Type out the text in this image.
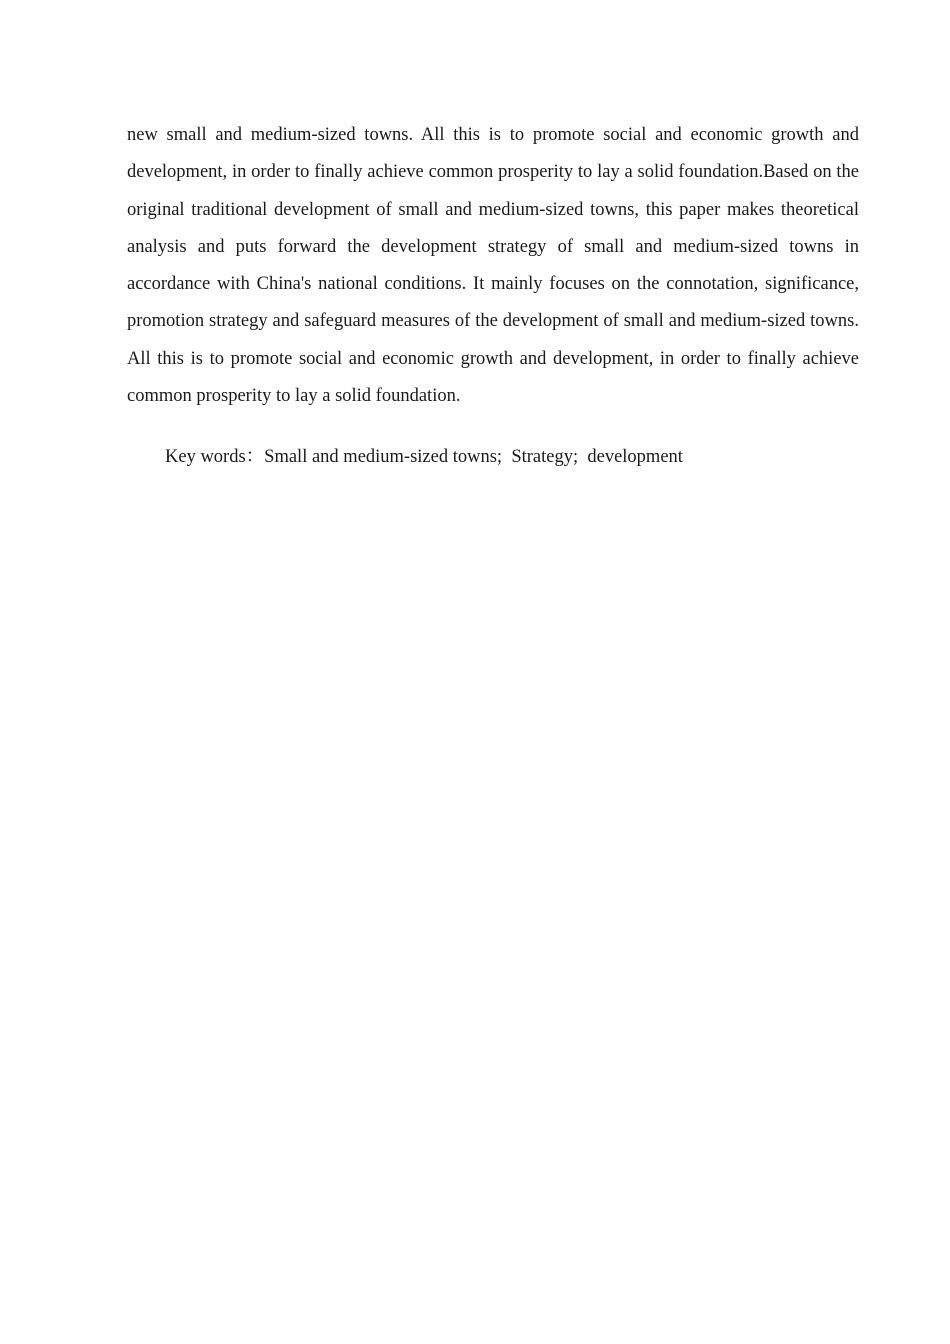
new small and medium-sized towns. All this is to promote social and economic growth and development, in order to finally achieve common prosperity to lay a solid foundation.Based on the original traditional development of small and medium-sized towns, this paper makes theoretical analysis and puts forward the development strategy of small and medium-sized towns in accordance with China's national conditions. It mainly focuses on the connotation, significance, promotion strategy and safeguard measures of the development of small and medium-sized towns. All this is to promote social and economic growth and development, in order to finally achieve common prosperity to lay a solid foundation.

Key words：Small and medium-sized towns; Strategy; development
